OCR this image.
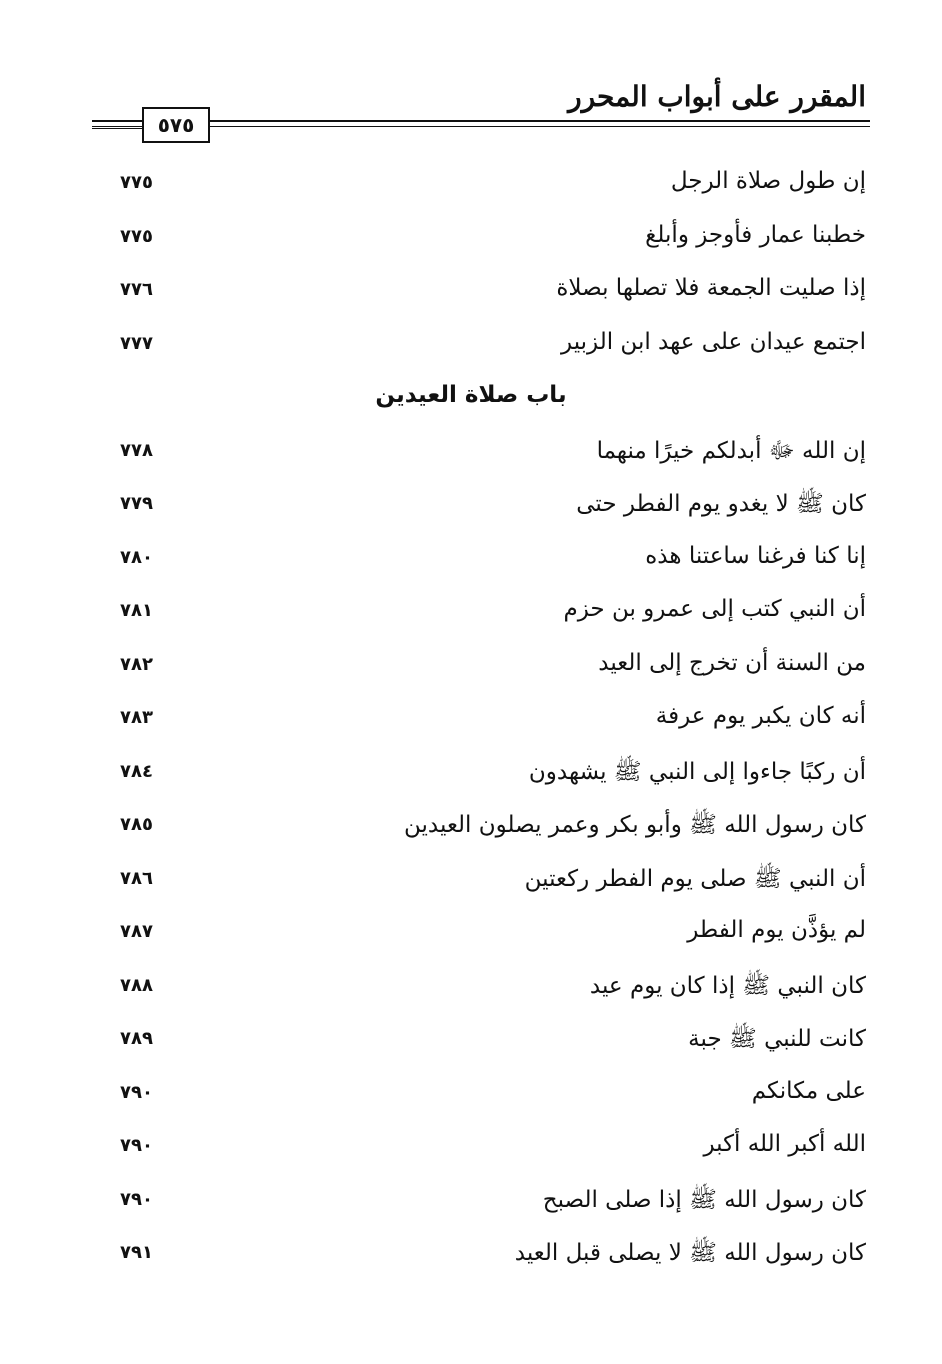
المقرر على أبواب المحرر
٥٧٥
إن طول صلاة الرجل
٧٧٥
خطبنا عمار فأوجز وأبلغ
٧٧٥
إذا صليت الجمعة فلا تصلها بصلاة
٧٧٦
اجتمع عيدان على عهد ابن الزبير
٧٧٧
باب صلاة العيدين
إن الله ﷻ أبدلكم خيرًا منهما
٧٧٨
كان ﷺ لا يغدو يوم الفطر حتى
٧٧٩
إنا كنا فرغنا ساعتنا هذه
٧٨٠
أن النبي كتب إلى عمرو بن حزم
٧٨١
من السنة أن تخرج إلى العيد
٧٨٢
أنه كان يكبر يوم عرفة
٧٨٣
أن ركبًا جاءوا إلى النبي ﷺ يشهدون
٧٨٤
كان رسول الله ﷺ وأبو بكر وعمر يصلون العيدين
٧٨٥
أن النبي ﷺ صلى يوم الفطر ركعتين
٧٨٦
لم يؤذَّن يوم الفطر
٧٨٧
كان النبي ﷺ إذا كان يوم عيد
٧٨٨
كانت للنبي ﷺ جبة
٧٨٩
على مكانكم
٧٩٠
الله أكبر الله أكبر
٧٩٠
كان رسول الله ﷺ إذا صلى الصبح
٧٩٠
كان رسول الله ﷺ لا يصلى قبل العيد
٧٩١
